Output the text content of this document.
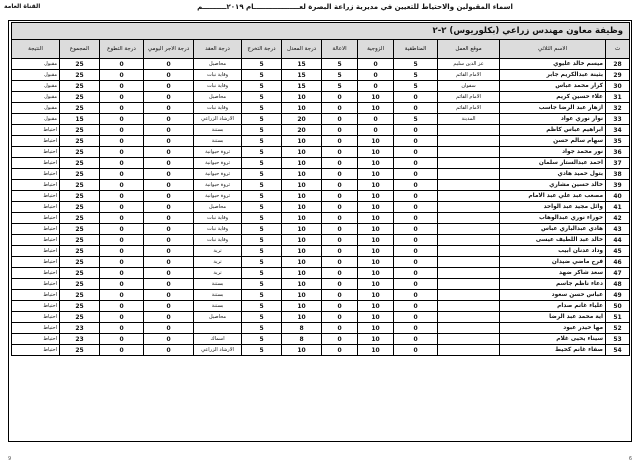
اسماء المقبولين والاحتياط للتعيين في مديرية زراعة البصرة لعـــــــــــــــــــام ٢٠١٩ــــــــــم
القناة العامة
وظيفة معاون مهندس زراعي (بكلوريوس) ٢-٢												
ت	الاسم الثلاثي	موقع العمل	المناطقية	الزوجية	الاعالة	درجة المعدل	درجة التخرج	درجة العقد	درجة الاجر اليومي	درجة التطوع	المجموع	النتيجة
28	ميسم خالد عليوي	عز الدين سليم	5	0	5	15	5	محاصيل	0	0	25	مقبول
29	بثينة عبدالكريم جابر	الامام القائم	5	0	5	15	5	وقاية نبات	0	0	25	مقبول
30	كرار محمد عباس	سفوان	5	0	5	15	5	وقاية نبات	0	0	25	مقبول
31	علاء حسين كريم	الامام القائم	0	10	0	10	5	محاصيل	0	0	25	مقبول
32	ازهار عبد الرضا جاسب	الامام القائم	0	10	0	10	5	وقاية نبات	0	0	25	مقبول
33	نوار نوري عواد	المدينة	5	0	0	20	5	الارشاد الزراعي	0	0	15	مقبول
34	ابراهيم عباس كاظم		0	0	0	20	5	بستنة	0	0	25	احتياط
35	سهام سالم حسن		0	10	0	10	5	بستنة	0	0	25	احتياط
36	نور محمد جواد		0	10	0	10	5	ثروة حيوانية	0	0	25	احتياط
37	احمد عبدالستار سلمان		0	10	0	10	5	ثروة حيوانية	0	0	25	احتياط
38	بتول حميد هادي		0	10	0	10	5	ثروة حيوانية	0	0	25	احتياط
39	خالد حسين مشاري		0	10	0	10	5	ثروة حيوانية	0	0	25	احتياط
40	مصعب عبد علي عبد الامام		0	10	0	10	5	ثروة حيوانية	0	0	25	احتياط
41	وائل مجيد عبد الواحد		0	10	0	10	5	محاصيل	0	0	25	احتياط
42	حوراء نوري عبدالوهاب		0	10	0	10	5	وقاية نبات	0	0	25	احتياط
43	هادي عبدالباري عباس		0	10	0	10	5	وقاية نبات	0	0	25	احتياط
44	خالد عبد اللطيف عيسى		0	10	0	10	5	وقاية نبات	0	0	25	احتياط
45	وداد عدنان ابيب		0	10	0	10	5	تربة	0	0	25	احتياط
46	فرح ماضي ضيدان		0	10	0	10	5	تربة	0	0	25	احتياط
47	سعد شاكر ضهد		0	10	0	10	5	تربة	0	0	25	احتياط
48	دعاء ناظم جاسم		0	10	0	10	5	بستنة	0	0	25	احتياط
49	عباس حسن سعود		0	10	0	10	5	بستنة	0	0	25	احتياط
50	علياء غانم صدام		0	10	0	10	5	بستنة	0	0	25	احتياط
51	اية محمد عبد الرضا		0	10	0	10	5	محاصيل	0	0	25	احتياط
52	مها حيدر عبود		0	10	0	8	5		0	0	23	احتياط
53	سيناء يحيى غلام		0	10	0	8	5	اسماك	0	0	23	احتياط
54	صفاء غانم كحيط		0	10	0	10	5	الارشاد الزراعي	0	0	25	احتياط
9	6
